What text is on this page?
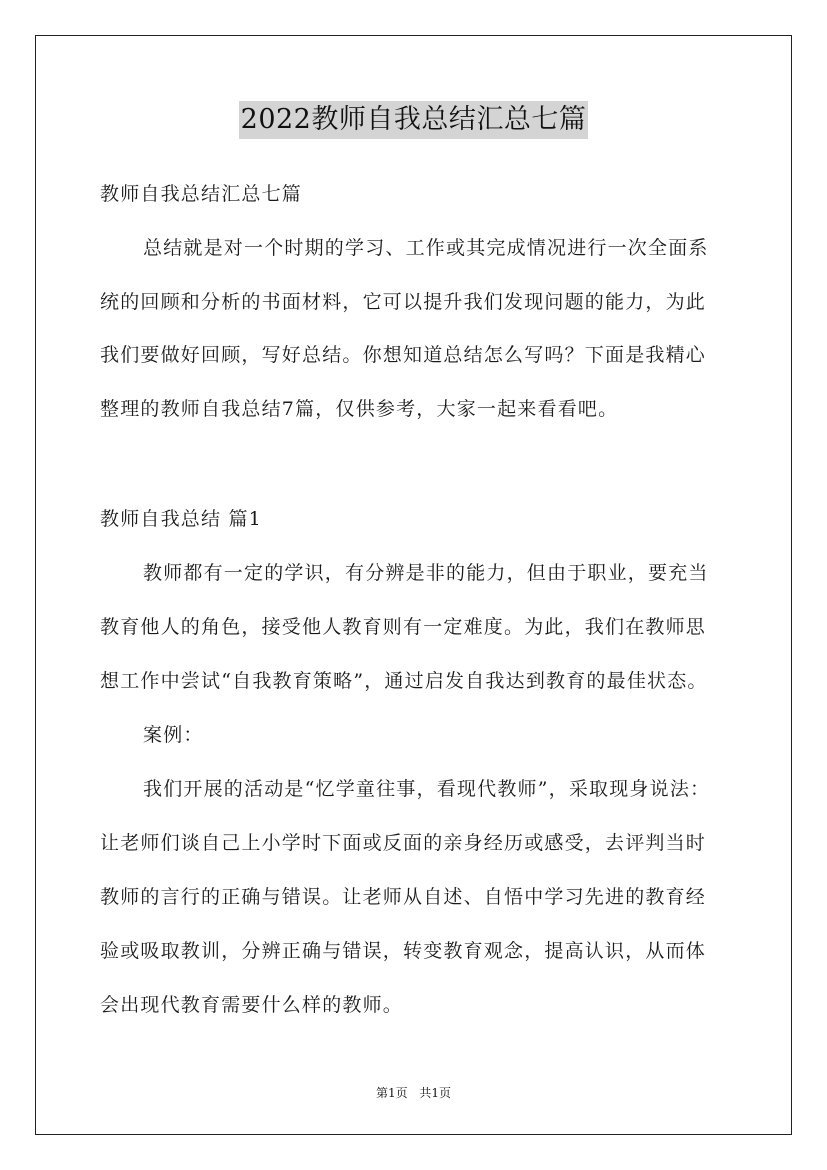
2022教师自我总结汇总七篇
教师自我总结汇总七篇
总结就是对一个时期的学习、工作或其完成情况进行一次全面系
统的回顾和分析的书面材料，它可以提升我们发现问题的能力，为此
我们要做好回顾，写好总结。你想知道总结怎么写吗？下面是我精心
整理的教师自我总结7篇，仅供参考，大家一起来看看吧。
教师自我总结 篇1
教师都有一定的学识，有分辨是非的能力，但由于职业，要充当
教育他人的角色，接受他人教育则有一定难度。为此，我们在教师思
想工作中尝试“自我教育策略”，通过启发自我达到教育的最佳状态。
案例：
我们开展的活动是“忆学童往事，看现代教师”，采取现身说法：
让老师们谈自己上小学时下面或反面的亲身经历或感受，去评判当时
教师的言行的正确与错误。让老师从自述、自悟中学习先进的教育经
验或吸取教训，分辨正确与错误，转变教育观念，提高认识，从而体
会出现代教育需要什么样的教师。
第1页 共1页
